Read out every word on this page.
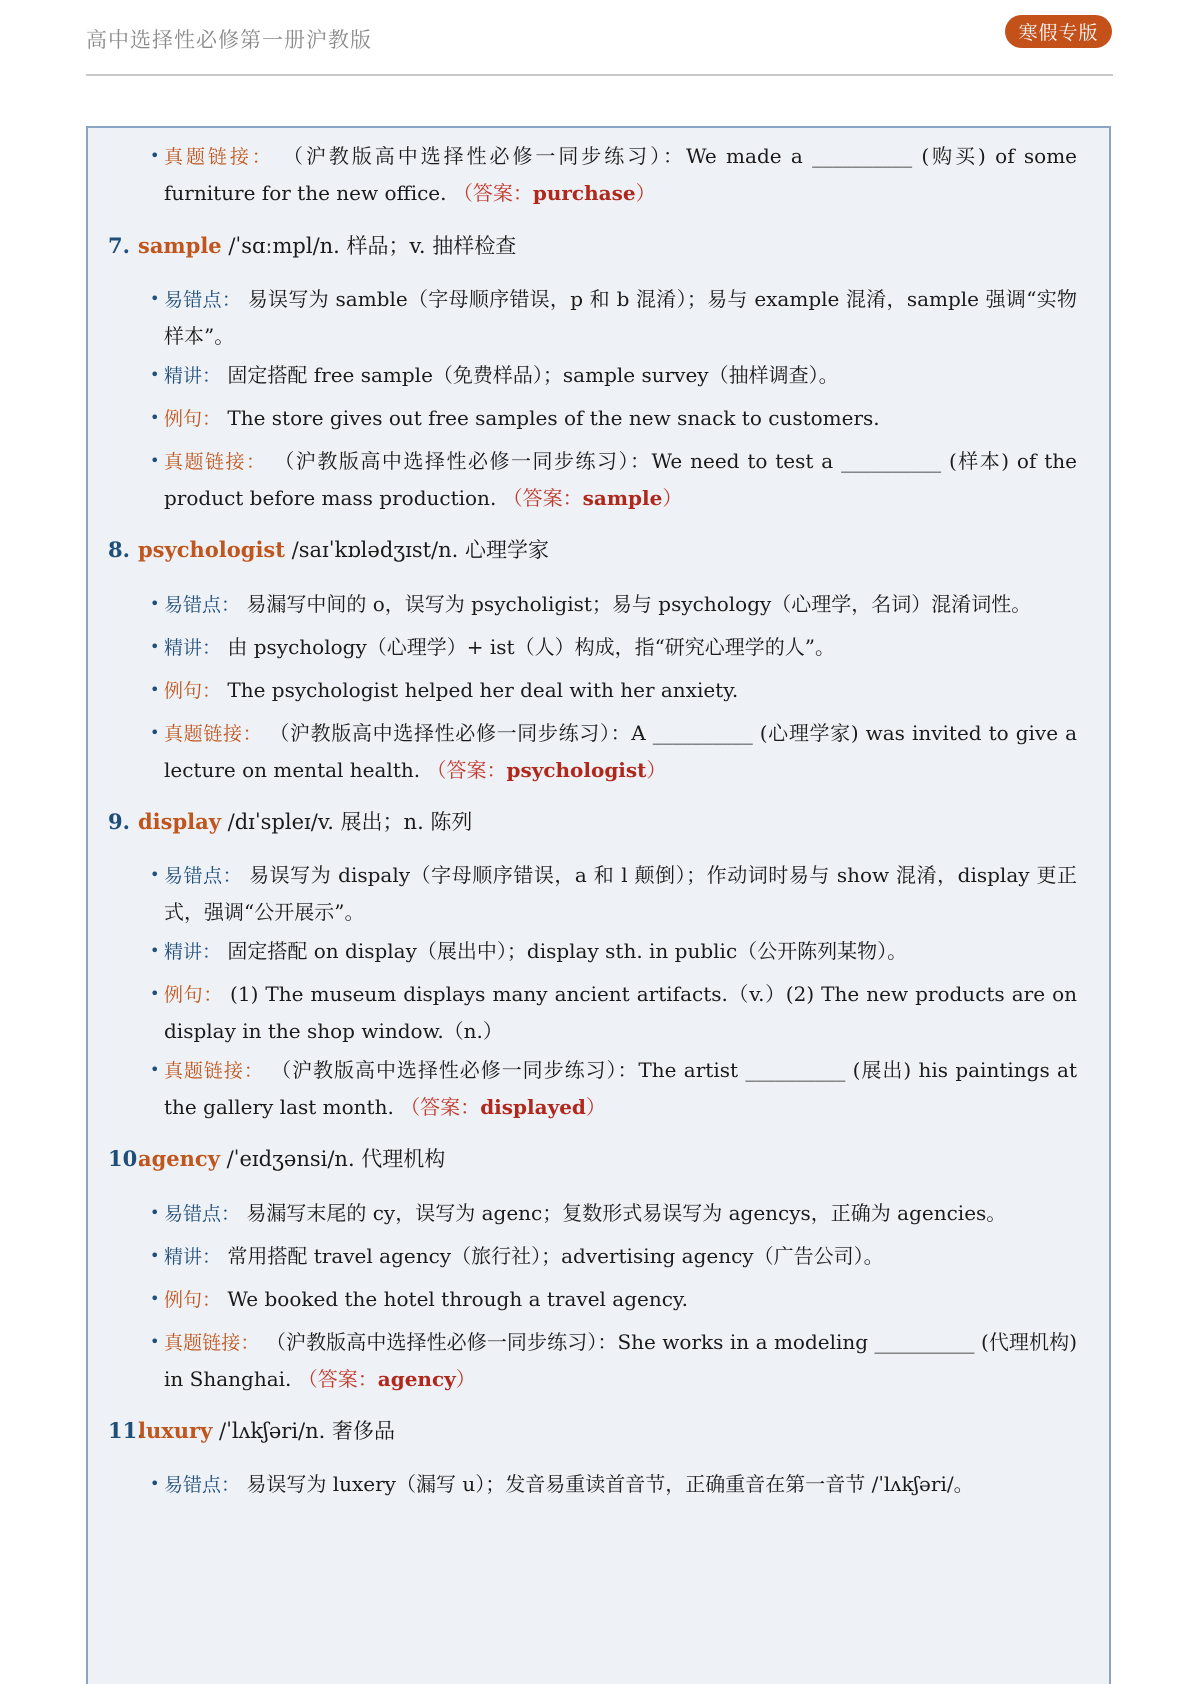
高中选择性必修第一册沪教版	寒假专版
• 真题链接： （沪教版高中选择性必修一同步练习）：We made a __________ (购买) of some furniture for the new office. （答案：purchase）
7. sample /ˈsɑːmpl/n. 样品；v. 抽样检查
• 易错点： 易误写为 samble（字母顺序错误，p 和 b 混淆）；易与 example 混淆，sample 强调“实物样本”。
• 精讲： 固定搭配 free sample（免费样品）；sample survey（抽样调查）。
• 例句： The store gives out free samples of the new snack to customers.
• 真题链接： （沪教版高中选择性必修一同步练习）：We need to test a __________ (样本) of the product before mass production. （答案：sample）
8. psychologist /saɪˈkɒlədʒɪst/n. 心理学家
• 易错点： 易漏写中间的 o，误写为 psycholigist；易与 psychology（心理学，名词）混淆词性。
• 精讲： 由 psychology（心理学）+ ist（人）构成，指“研究心理学的人”。
• 例句： The psychologist helped her deal with her anxiety.
• 真题链接： （沪教版高中选择性必修一同步练习）：A __________ (心理学家) was invited to give a lecture on mental health. （答案：psychologist）
9. display /dɪˈspleɪ/v. 展出；n. 陈列
• 易错点： 易误写为 dispaly（字母顺序错误，a 和 l 颠倒）；作动词时易与 show 混淆，display 更正式，强调“公开展示”。
• 精讲： 固定搭配 on display（展出中）；display sth. in public（公开陈列某物）。
• 例句： (1) The museum displays many ancient artifacts.（v.）(2) The new products are on display in the shop window.（n.）
• 真题链接： （沪教版高中选择性必修一同步练习）：The artist __________ (展出) his paintings at the gallery last month. （答案：displayed）
10.agency /ˈeɪdʒənsi/n. 代理机构
• 易错点： 易漏写末尾的 cy，误写为 agenc；复数形式易误写为 agencys，正确为 agencies。
• 精讲： 常用搭配 travel agency（旅行社）；advertising agency（广告公司）。
• 例句： We booked the hotel through a travel agency.
• 真题链接： （沪教版高中选择性必修一同步练习）：She works in a modeling __________ (代理机构) in Shanghai. （答案：agency）
11.luxury /ˈlʌkʃəri/n. 奢侈品
• 易错点： 易误写为 luxery（漏写 u）；发音易重读首音节，正确重音在第一音节 /ˈlʌkʃəri/。
